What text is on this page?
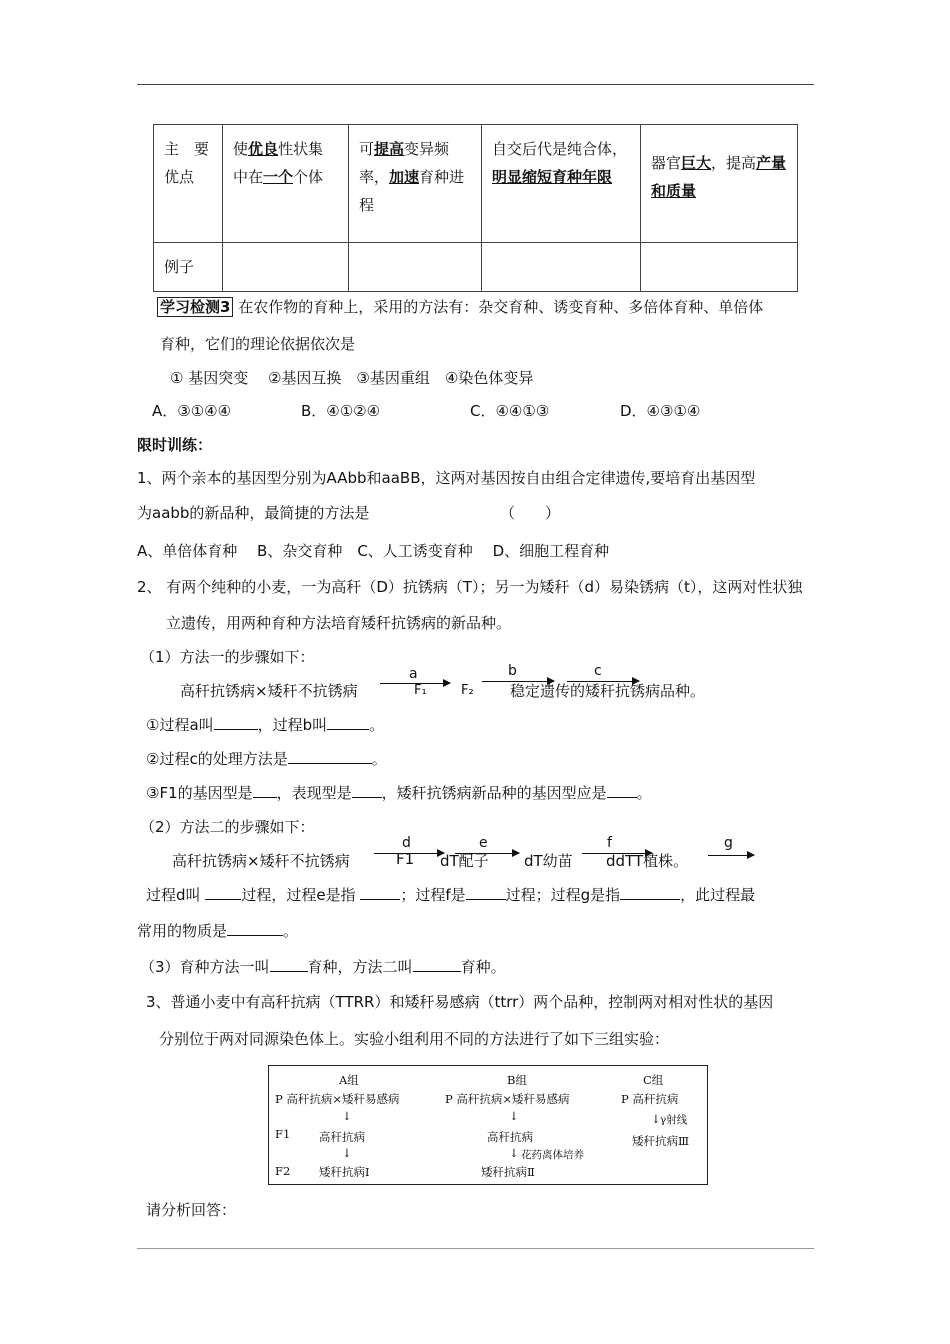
主　要
优点	使优良性状集中在一个个体	可提高变异频率，加速育种进程	自交后代是纯合体，明显缩短育种年限	器官巨大，提高产量和质量
例子				
学习检测3 在农作物的育种上，采用的方法有：杂交育种、诱变育种、多倍体育种、单倍体
育种，它们的理论依据依次是
① 基因突变　 ②基因互换　③基因重组　④染色体变异
A．③①④④	B．④①②④	C．④④①③	D．④③①④
限时训练：
1、两个亲本的基因型分别为AAbb和aaBB，这两对基因按自由组合定律遗传,要培育出基因型
为aabb的新品种，最简捷的方法是	（　　）
A、单倍体育种　 B、杂交育种　C、人工诱变育种　 D、细胞工程育种
2、 有两个纯种的小麦，一为高秆（D）抗锈病（T）；另一为矮秆（d）易染锈病（t），这两对性状独
立遗传，用两种育种方法培育矮秆抗锈病的新品种。
（1）方法一的步骤如下：
a	b	c
高秆抗锈病×矮秆不抗锈病	F₁	F₂ 稳定遗传的矮秆抗锈病品种。
①过程a叫	，过程b叫	。
②过程c的处理方法是	。
③F1的基因型是 ，表现型是 ，矮秆抗锈病新品种的基因型应是 。
（2）方法二的步骤如下：
d	e	f	g
高秆抗锈病×矮秆不抗锈病	F1 dT配子 dT幼苗 ddTT植株。
过程d叫	过程，过程e是指	；过程f是	过程；过程g是指	，此过程最
常用的物质是	。
（3）育种方法一叫	育种，方法二叫	育种。
3、普通小麦中有高秆抗病（TTRR）和矮秆易感病（ttrr）两个品种，控制两对相对性状的基因
分别位于两对同源染色体上。实验小组利用不同的方法进行了如下三组实验：
A组	B组	C组
P 高秆抗病×矮秆易感病	P 高秆抗病×矮秆易感病	P 高秆抗病
↓	↓	↓ γ射线
F1 高秆抗病	高秆抗病	矮秆抗病Ⅲ
↓	↓ 花药离体培养
F2 矮秆抗病Ⅰ	矮秆抗病Ⅱ
请分析回答：
